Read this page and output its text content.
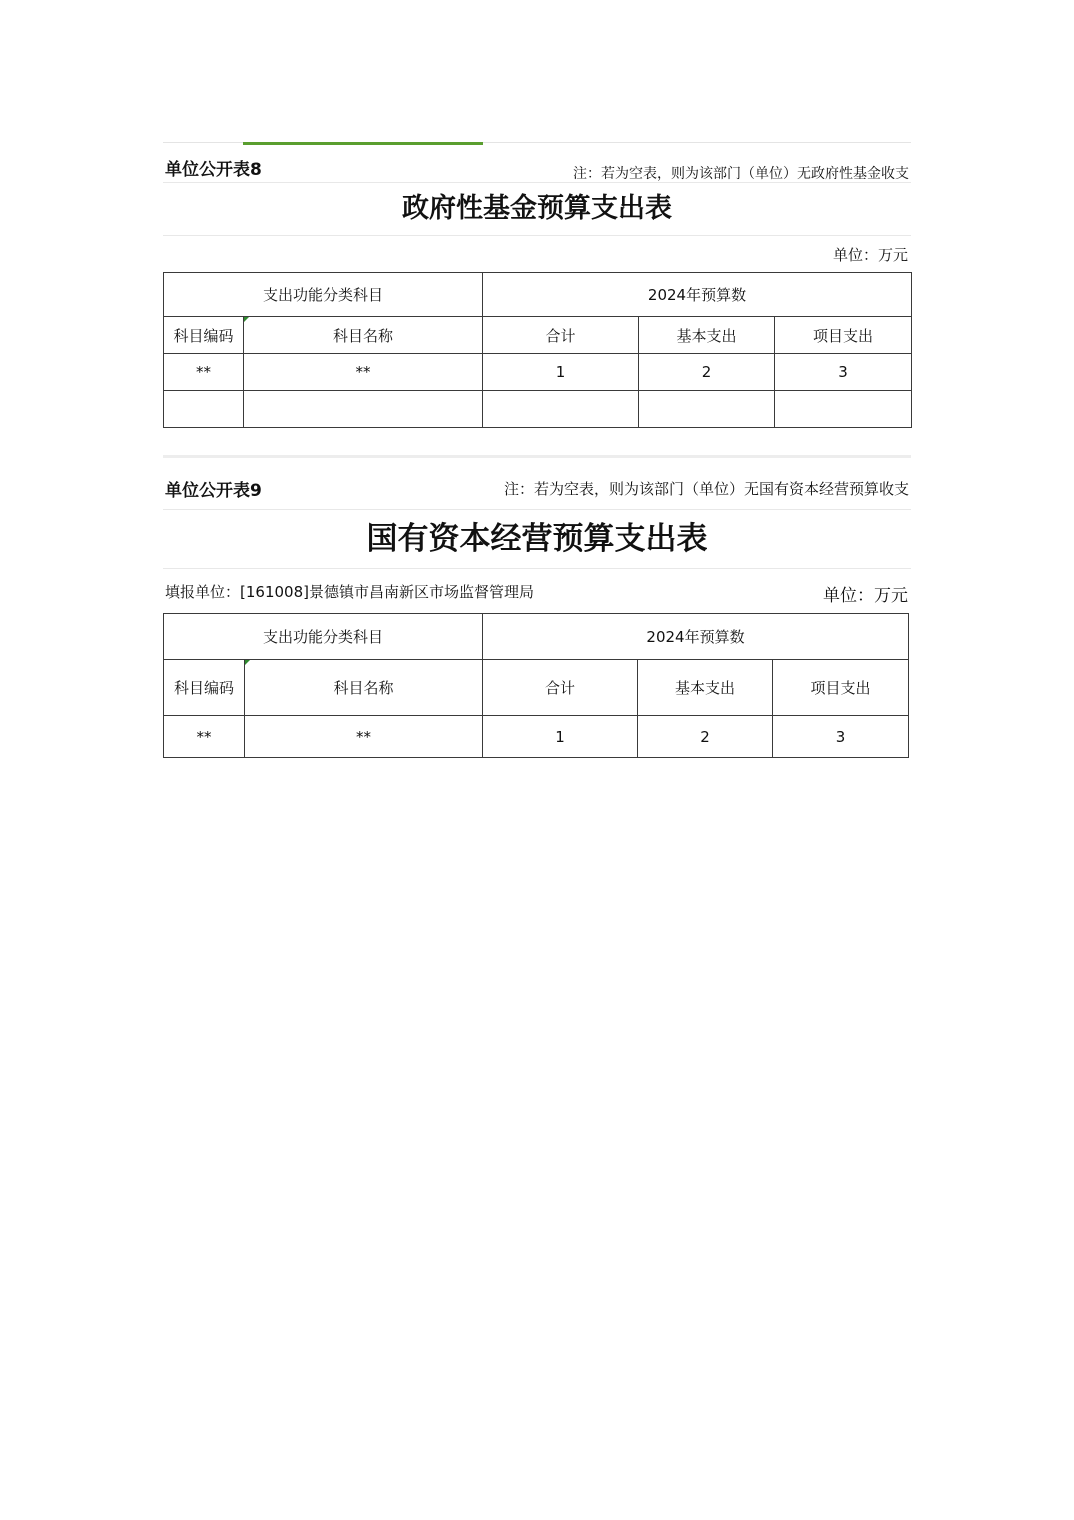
单位公开表8	注：若为空表，则为该部门（单位）无政府性基金收支
政府性基金预算支出表
单位：万元
支出功能分类科目		2024年预算数		
科目编码	科目名称	合计	基本支出	项目支出
**	**	1	2	3

单位公开表9	注：若为空表，则为该部门（单位）无国有资本经营预算收支
国有资本经营预算支出表
填报单位：[161008]景德镇市昌南新区市场监督管理局	单位：万元
支出功能分类科目		2024年预算数		
科目编码	科目名称	合计	基本支出	项目支出
**	**	1	2	3
